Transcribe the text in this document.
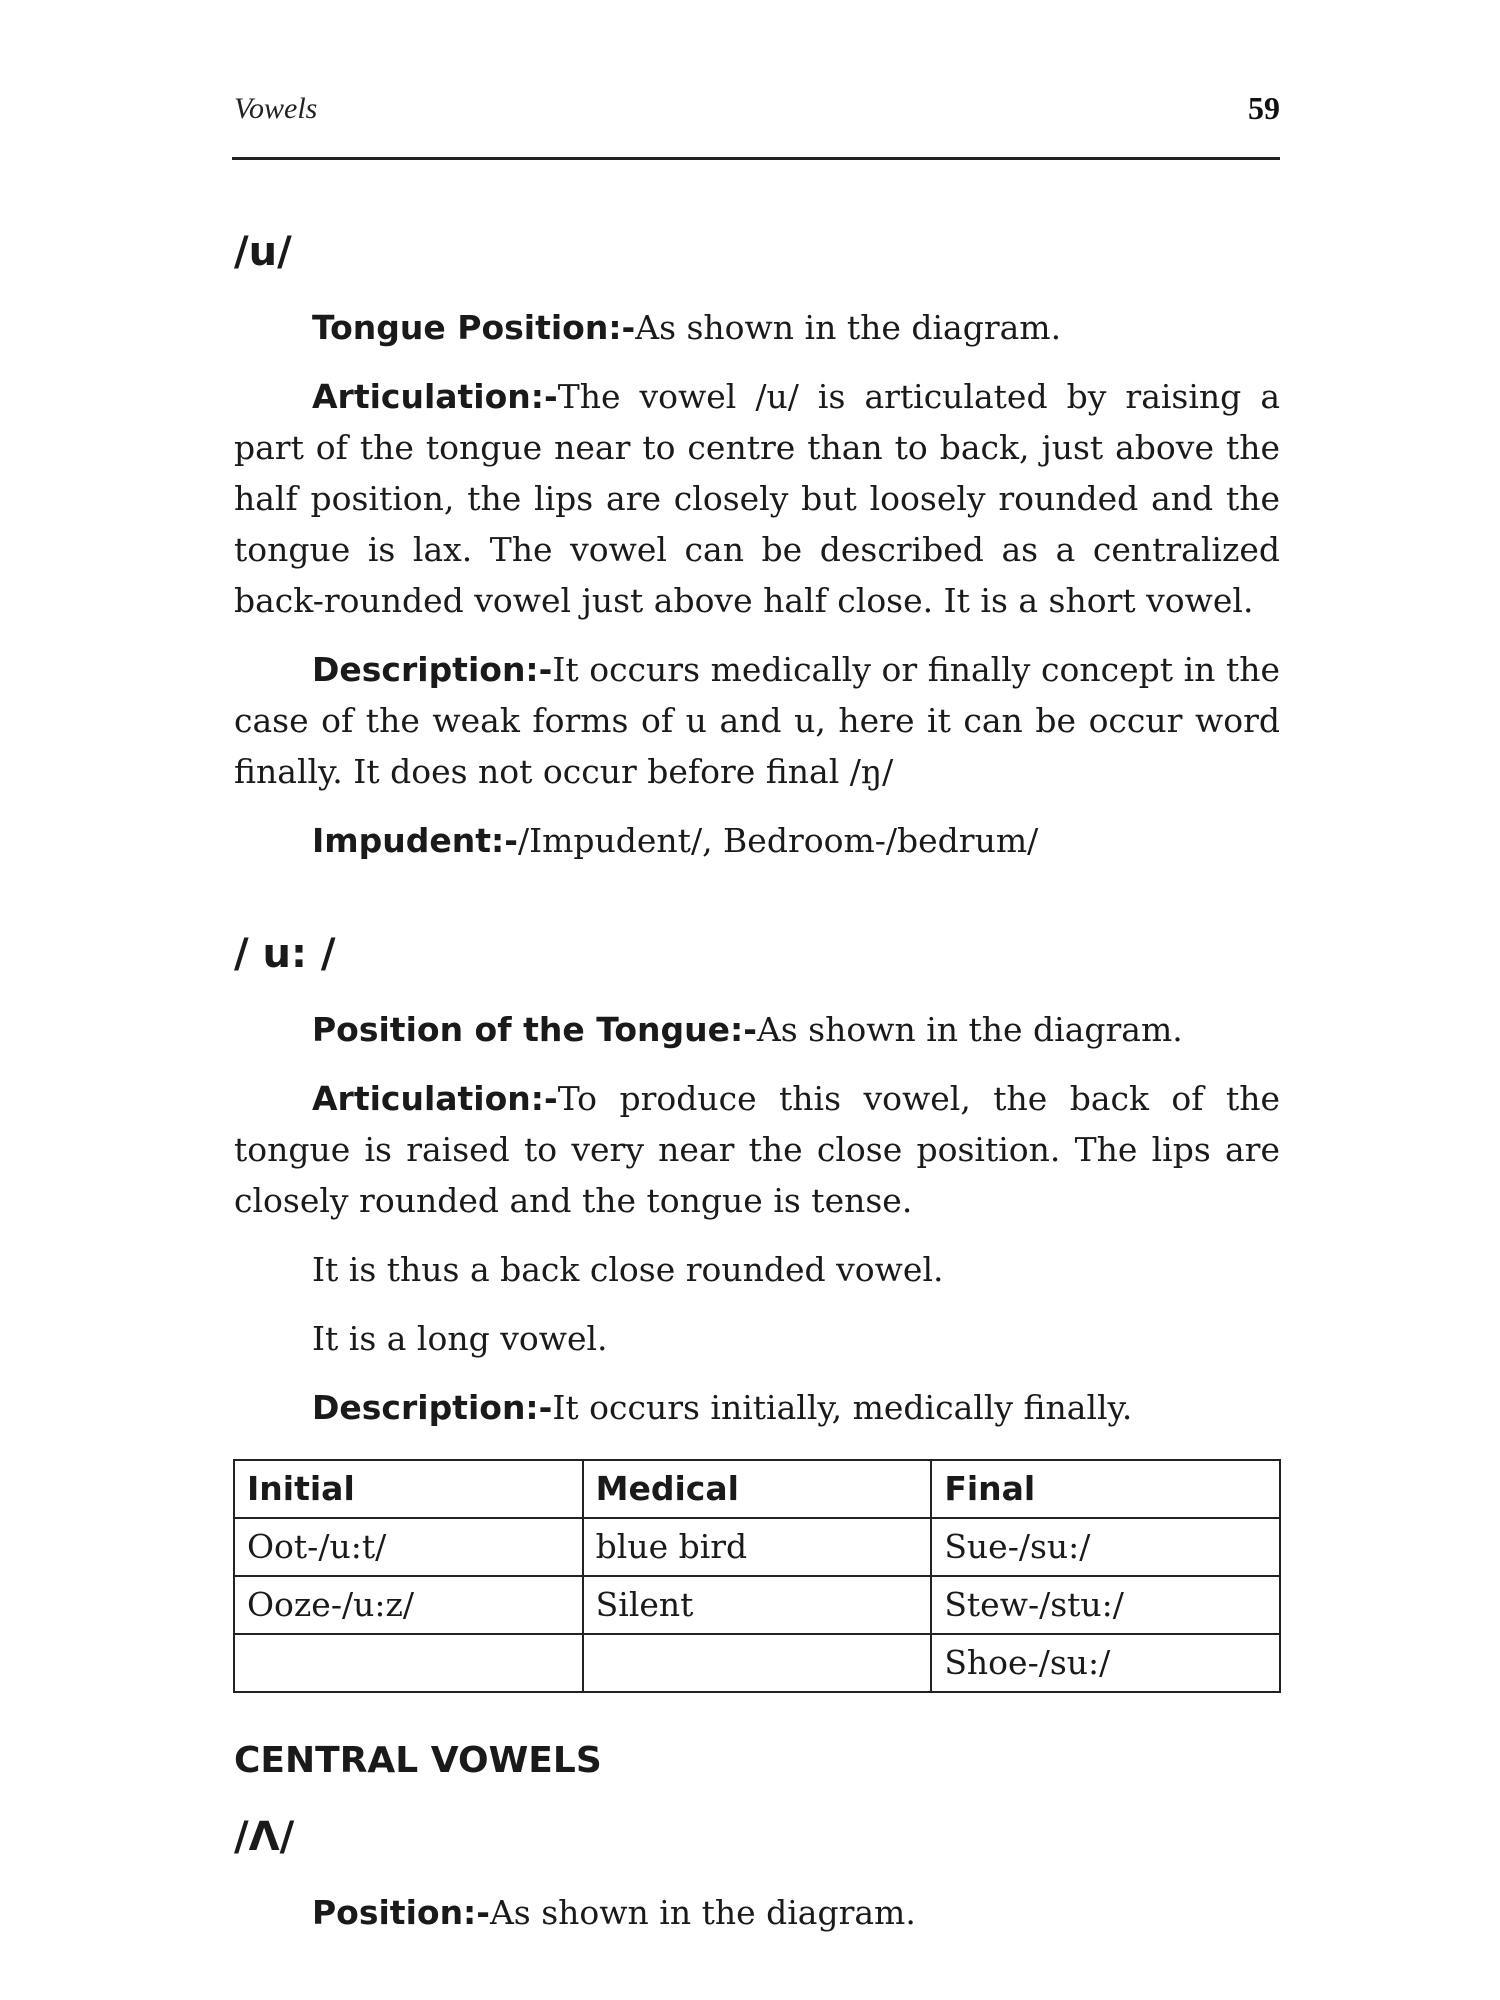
Vowels	59
/u/

Tongue Position:-As shown in the diagram.

Articulation:-The vowel /u/ is articulated by raising a part of the tongue near to centre than to back, just above the half position, the lips are closely but loosely rounded and the tongue is lax. The vowel can be described as a centralized back-rounded vowel just above half close. It is a short vowel.

Description:-It occurs medically or finally concept in the case of the weak forms of u and u, here it can be occur word finally. It does not occur before final /ŋ/

Impudent:-/Impudent/, Bedroom-/bedrum/

/ u: /

Position of the Tongue:-As shown in the diagram.

Articulation:-To produce this vowel, the back of the tongue is raised to very near the close position. The lips are closely rounded and the tongue is tense.

It is thus a back close rounded vowel.

It is a long vowel.

Description:-It occurs initially, medically finally.

Initial	Medical	Final
Oot-/u:t/	blue bird	Sue-/su:/
Ooze-/u:z/	Silent	Stew-/stu:/
		Shoe-/su:/
CENTRAL VOWELS
/Λ/

Position:-As shown in the diagram.
